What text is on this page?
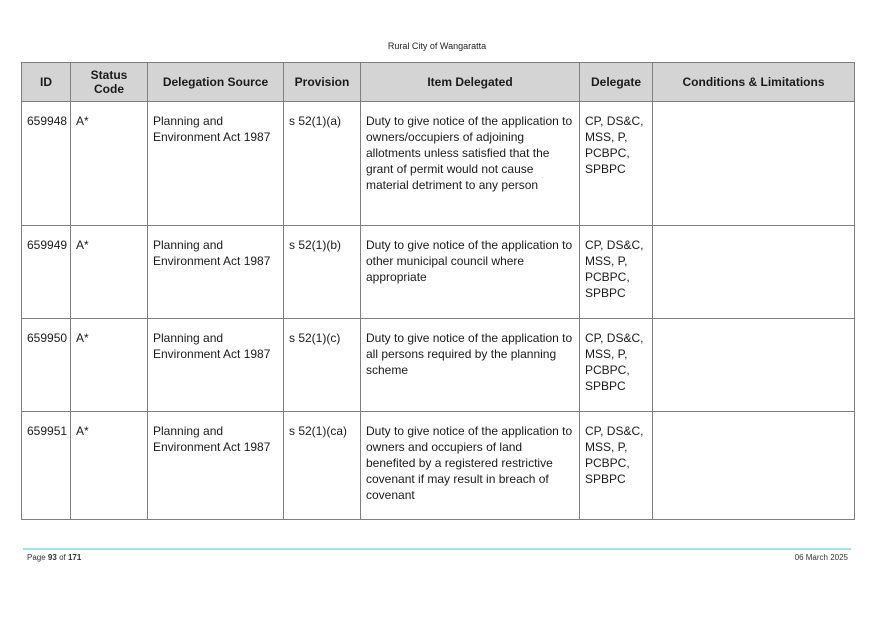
Rural City of Wangaratta
ID	Status Code	Delegation Source	Provision	Item Delegated	Delegate	Conditions & Limitations
659948	A*	Planning and Environment Act 1987	s 52(1)(a)	Duty to give notice of the application to owners/occupiers of adjoining allotments unless satisfied that the grant of permit would not cause material detriment to any person	CP, DS&C, MSS, P, PCBPC, SPBPC	
659949	A*	Planning and Environment Act 1987	s 52(1)(b)	Duty to give notice of the application to other municipal council where appropriate	CP, DS&C, MSS, P, PCBPC, SPBPC	
659950	A*	Planning and Environment Act 1987	s 52(1)(c)	Duty to give notice of the application to all persons required by the planning scheme	CP, DS&C, MSS, P, PCBPC, SPBPC	
659951	A*	Planning and Environment Act 1987	s 52(1)(ca)	Duty to give notice of the application to owners and occupiers of land benefited by a registered restrictive covenant if may result in breach of covenant	CP, DS&C, MSS, P, PCBPC, SPBPC	
Page 93 of 171	06 March 2025
